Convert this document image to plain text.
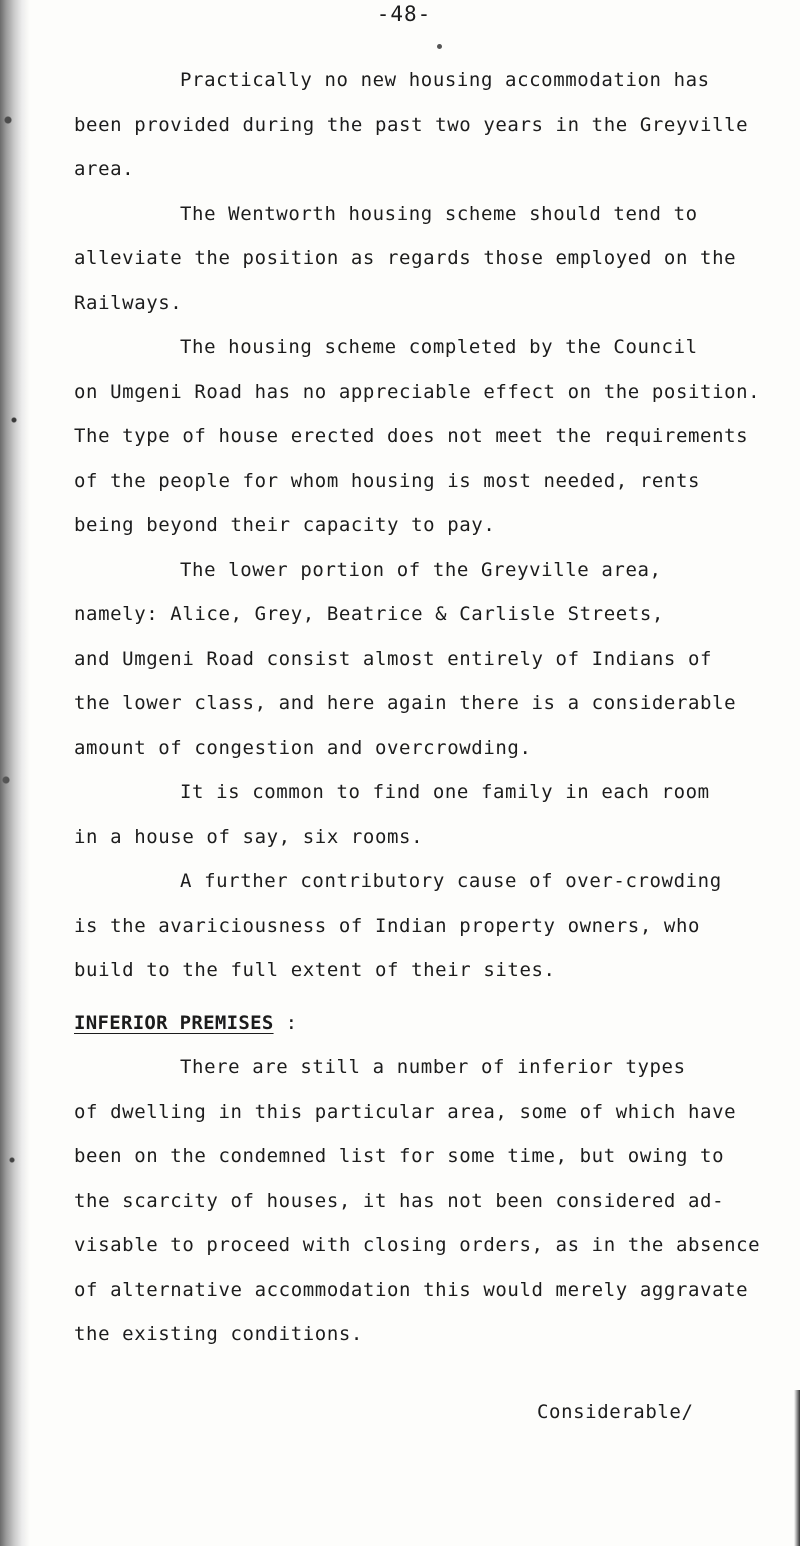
-48-

Practically no new housing accommodation has
been provided during the past two years in the Greyville
area.

The Wentworth housing scheme should tend to
alleviate the position as regards those employed on the
Railways.

The housing scheme completed by the Council
on Umgeni Road has no appreciable effect on the position.
The type of house erected does not meet the requirements
of the people for whom housing is most needed, rents
being beyond their capacity to pay.

The lower portion of the Greyville area,
namely: Alice, Grey, Beatrice & Carlisle Streets,
and Umgeni Road consist almost entirely of Indians of
the lower class, and here again there is a considerable
amount of congestion and overcrowding.

It is common to find one family in each room
in a house of say, six rooms.

A further contributory cause of over-crowding
is the avariciousness of Indian property owners, who
build to the full extent of their sites.

INFERIOR PREMISES :

There are still a number of inferior types
of dwelling in this particular area, some of which have
been on the condemned list for some time, but owing to
the scarcity of houses, it has not been considered ad-
visable to proceed with closing orders, as in the absence
of alternative accommodation this would merely aggravate
the existing conditions.

Considerable/
